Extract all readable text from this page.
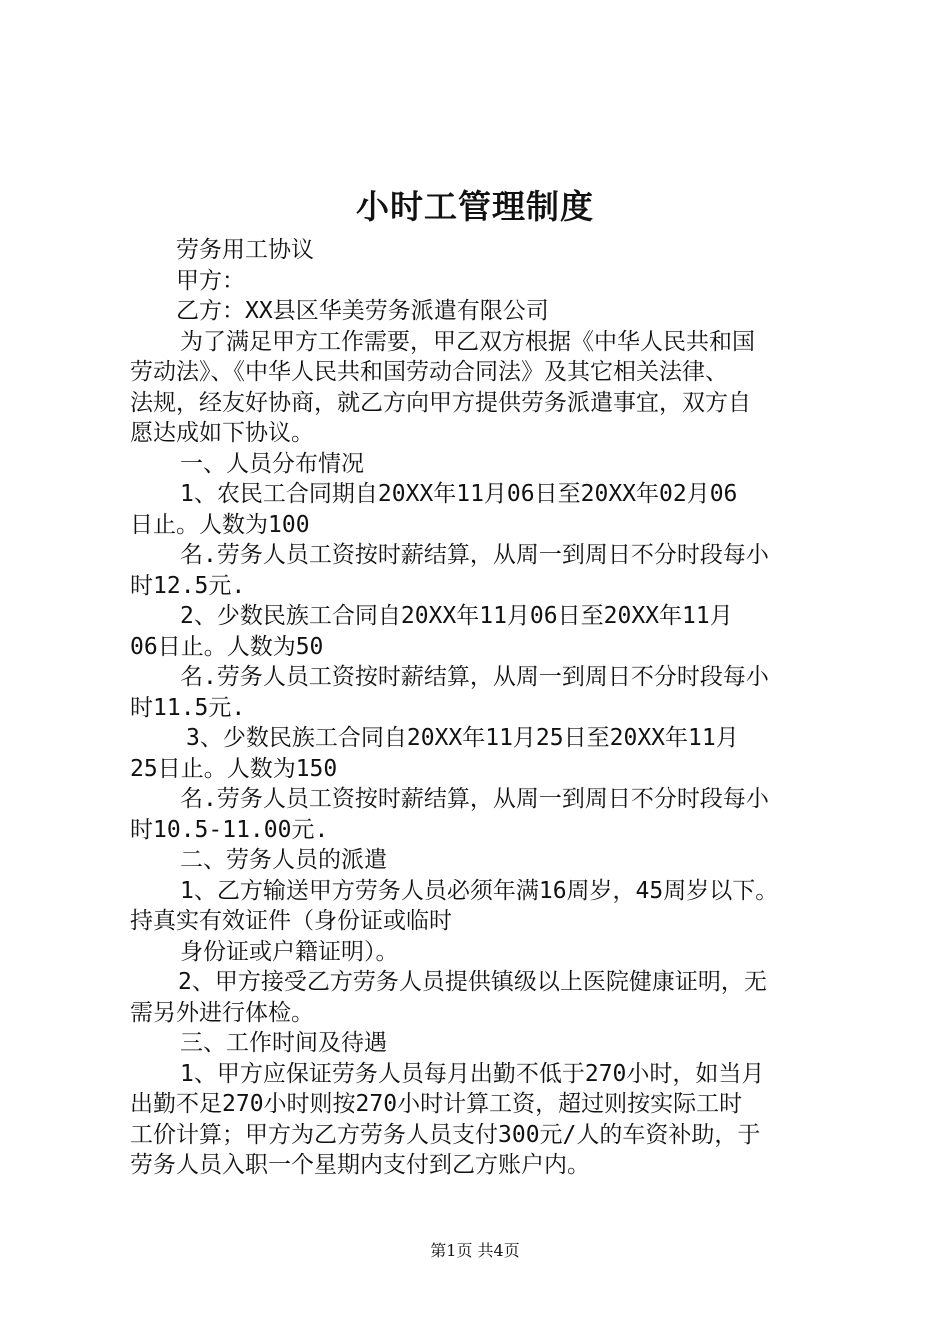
小时工管理制度
劳务用工协议
甲方：
乙方：XX县区华美劳务派遣有限公司
为了满足甲方工作需要，甲乙双方根据《中华人民共和国
劳动法》、《中华人民共和国劳动合同法》及其它相关法律、
法规，经友好协商，就乙方向甲方提供劳务派遣事宜，双方自
愿达成如下协议。
一、人员分布情况
1、农民工合同期自20XX年11月06日至20XX年02月06
日止。人数为100
名.劳务人员工资按时薪结算，从周一到周日不分时段每小
时12.5元.
2、少数民族工合同自20XX年11月06日至20XX年11月
06日止。人数为50
名.劳务人员工资按时薪结算，从周一到周日不分时段每小
时11.5元.
3、少数民族工合同自20XX年11月25日至20XX年11月
25日止。人数为150
名.劳务人员工资按时薪结算，从周一到周日不分时段每小
时10.5-11.00元.
二、劳务人员的派遣
1、乙方输送甲方劳务人员必须年满16周岁，45周岁以下。
持真实有效证件（身份证或临时
身份证或户籍证明）。
2、甲方接受乙方劳务人员提供镇级以上医院健康证明，无
需另外进行体检。
三、工作时间及待遇
1、甲方应保证劳务人员每月出勤不低于270小时，如当月
出勤不足270小时则按270小时计算工资，超过则按实际工时
工价计算；甲方为乙方劳务人员支付300元/人的车资补助，于
劳务人员入职一个星期内支付到乙方账户内。
第1页 共4页
